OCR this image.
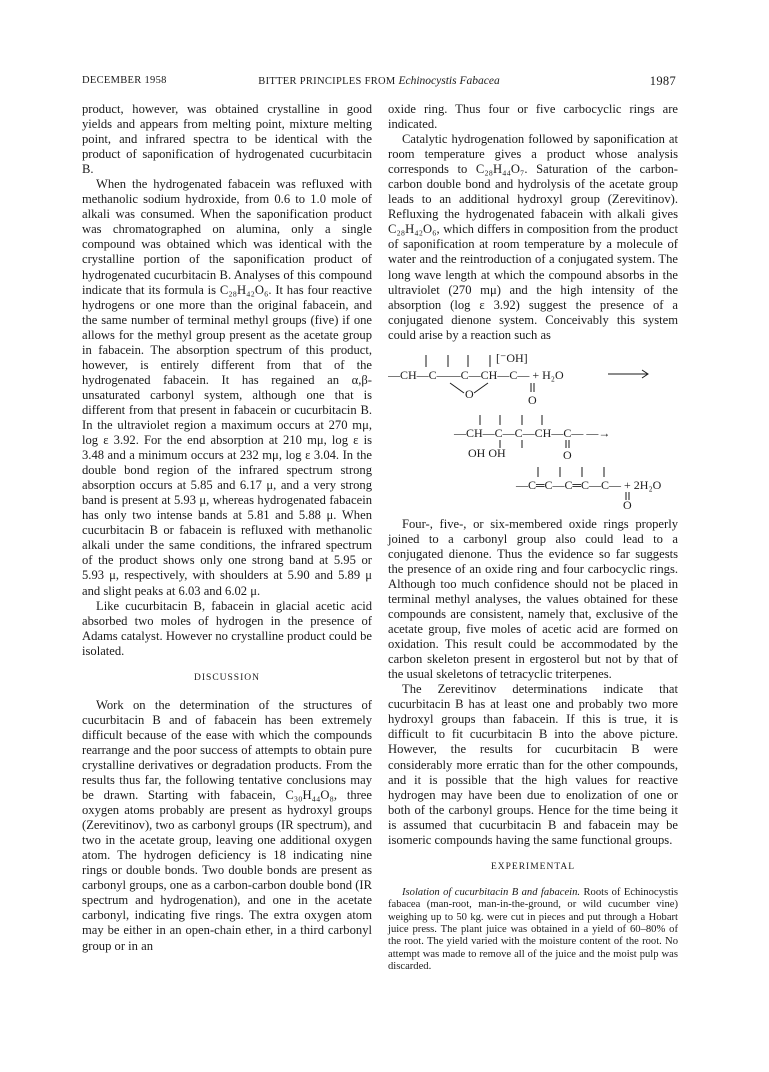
DECEMBER 1958	BITTER PRINCIPLES FROM Echinocystis Fabacea	1987

product, however, was obtained crystalline in good yields and appears from melting point, mixture melting point, and infrared spectra to be identical with the product of saponification of hydrogenated cucurbitacin B.

When the hydrogenated fabacein was refluxed with methanolic sodium hydroxide, from 0.6 to 1.0 mole of alkali was consumed. When the saponification product was chromatographed on alumina, only a single compound was obtained which was identical with the crystalline portion of the saponification product of hydrogenated cucurbitacin B. Analyses of this compound indicate that its formula is C₂₈H₄₂O₆. It has four reactive hydrogens or one more than the original fabacein, and the same number of terminal methyl groups (five) if one allows for the methyl group present as the acetate group in fabacein. The absorption spectrum of this product, however, is entirely different from that of the hydrogenated fabacein. It has regained an α,β-unsaturated carbonyl system, although one that is different from that present in fabacein or cucurbitacin B. In the ultraviolet region a maximum occurs at 270 mμ, log ε 3.92. For the end absorption at 210 mμ, log ε is 3.48 and a minimum occurs at 232 mμ, log ε 3.04. In the double bond region of the infrared spectrum strong absorption occurs at 5.85 and 6.17 μ, and a very strong band is present at 5.93 μ, whereas hydrogenated fabacein has only two intense bands at 5.81 and 5.88 μ. When cucurbitacin B or fabacein is refluxed with methanolic alkali under the same conditions, the infrared spectrum of the product shows only one strong band at 5.95 or 5.93 μ, respectively, with shoulders at 5.90 and 5.89 μ and slight peaks at 6.03 and 6.02 μ.

Like cucurbitacin B, fabacein in glacial acetic acid absorbed two moles of hydrogen in the presence of Adams catalyst. However no crystalline product could be isolated.

DISCUSSION

Work on the determination of the structures of cucurbitacin B and of fabacein has been extremely difficult because of the ease with which the compounds rearrange and the poor success of attempts to obtain pure crystalline derivatives or degradation products. From the results thus far, the following tentative conclusions may be drawn. Starting with fabacein, C₃₀H₄₄O₈, three oxygen atoms probably are present as hydroxyl groups (Zerevitinov), two as carbonyl groups (IR spectrum), and two in the acetate group, leaving one additional oxygen atom. The hydrogen deficiency is 18 indicating nine rings or double bonds. Two double bonds are present as carbonyl groups, one as a carbon-carbon double bond (IR spectrum and hydrogenation), and one in the acetate carbonyl, indicating five rings. The extra oxygen atom may be either in an open-chain ether, in a third carbonyl group or in an

oxide ring. Thus four or five carbocyclic rings are indicated.

Catalytic hydrogenation followed by saponification at room temperature gives a product whose analysis corresponds to C₂₈H₄₄O₇. Saturation of the carbon-carbon double bond and hydrolysis of the acetate group leads to an additional hydroxyl group (Zerevitinov). Refluxing the hydrogenated fabacein with alkali gives C₂₈H₄₂O₆, which differs in composition from the product of saponification at room temperature by a molecule of water and the reintroduction of a conjugated system. The long wave length at which the compound absorbs in the ultraviolet (270 mμ) and the high intensity of the absorption (log ε 3.92) suggest the presence of a conjugated dienone system. Conceivably this system could arise by a reaction such as

[⁻OH]
—CH—C——C—CH—C— + H₂O
O	O
—CH—C—C—CH—C— —→
OH OH	O
—C═C—C═C—C— + 2H₂O
O

Four-, five-, or six-membered oxide rings properly joined to a carbonyl group also could lead to a conjugated dienone. Thus the evidence so far suggests the presence of an oxide ring and four carbocyclic rings. Although too much confidence should not be placed in terminal methyl analyses, the values obtained for these compounds are consistent, namely that, exclusive of the acetate group, five moles of acetic acid are formed on oxidation. This result could be accommodated by the carbon skeleton present in ergosterol but not by that of the usual skeletons of tetracyclic triterpenes.

The Zerevitinov determinations indicate that cucurbitacin B has at least one and probably two more hydroxyl groups than fabacein. If this is true, it is difficult to fit cucurbitacin B into the above picture. However, the results for cucurbitacin B were considerably more erratic than for the other compounds, and it is possible that the high values for reactive hydrogen may have been due to enolization of one or both of the carbonyl groups. Hence for the time being it is assumed that cucurbitacin B and fabacein may be isomeric compounds having the same functional groups.

EXPERIMENTAL

Isolation of cucurbitacin B and fabacein. Roots of Echinocystis fabacea (man-root, man-in-the-ground, or wild cucumber vine) weighing up to 50 kg. were cut in pieces and put through a Hobart juice press. The plant juice was obtained in a yield of 60–80% of the root. The yield varied with the moisture content of the root. No attempt was made to remove all of the juice and the moist pulp was discarded.
